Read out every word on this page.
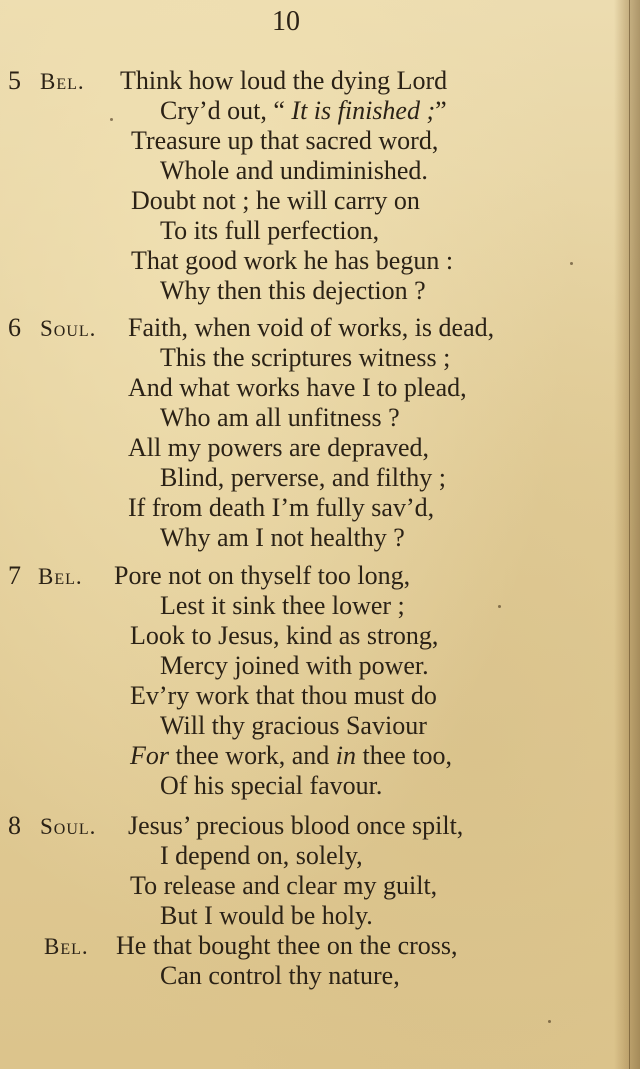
10
5 Bel. Think how loud the dying Lord
Cry’d out, “ It is finished ;”
Treasure up that sacred word,
Whole and undiminished.
Doubt not ; he will carry on
To its full perfection,
That good work he has begun :
Why then this dejection ?
6 Soul. Faith, when void of works, is dead,
This the scriptures witness ;
And what works have I to plead,
Who am all unfitness ?
All my powers are depraved,
Blind, perverse, and filthy ;
If from death I’m fully sav’d,
Why am I not healthy ?
7 Bel. Pore not on thyself too long,
Lest it sink thee lower ;
Look to Jesus, kind as strong,
Mercy joined with power.
Ev’ry work that thou must do
Will thy gracious Saviour
For thee work, and in thee too,
Of his special favour.
8 Soul. Jesus’ precious blood once spilt,
I depend on, solely,
To release and clear my guilt,
But I would be holy.
Bel. He that bought thee on the cross,
Can control thy nature,
